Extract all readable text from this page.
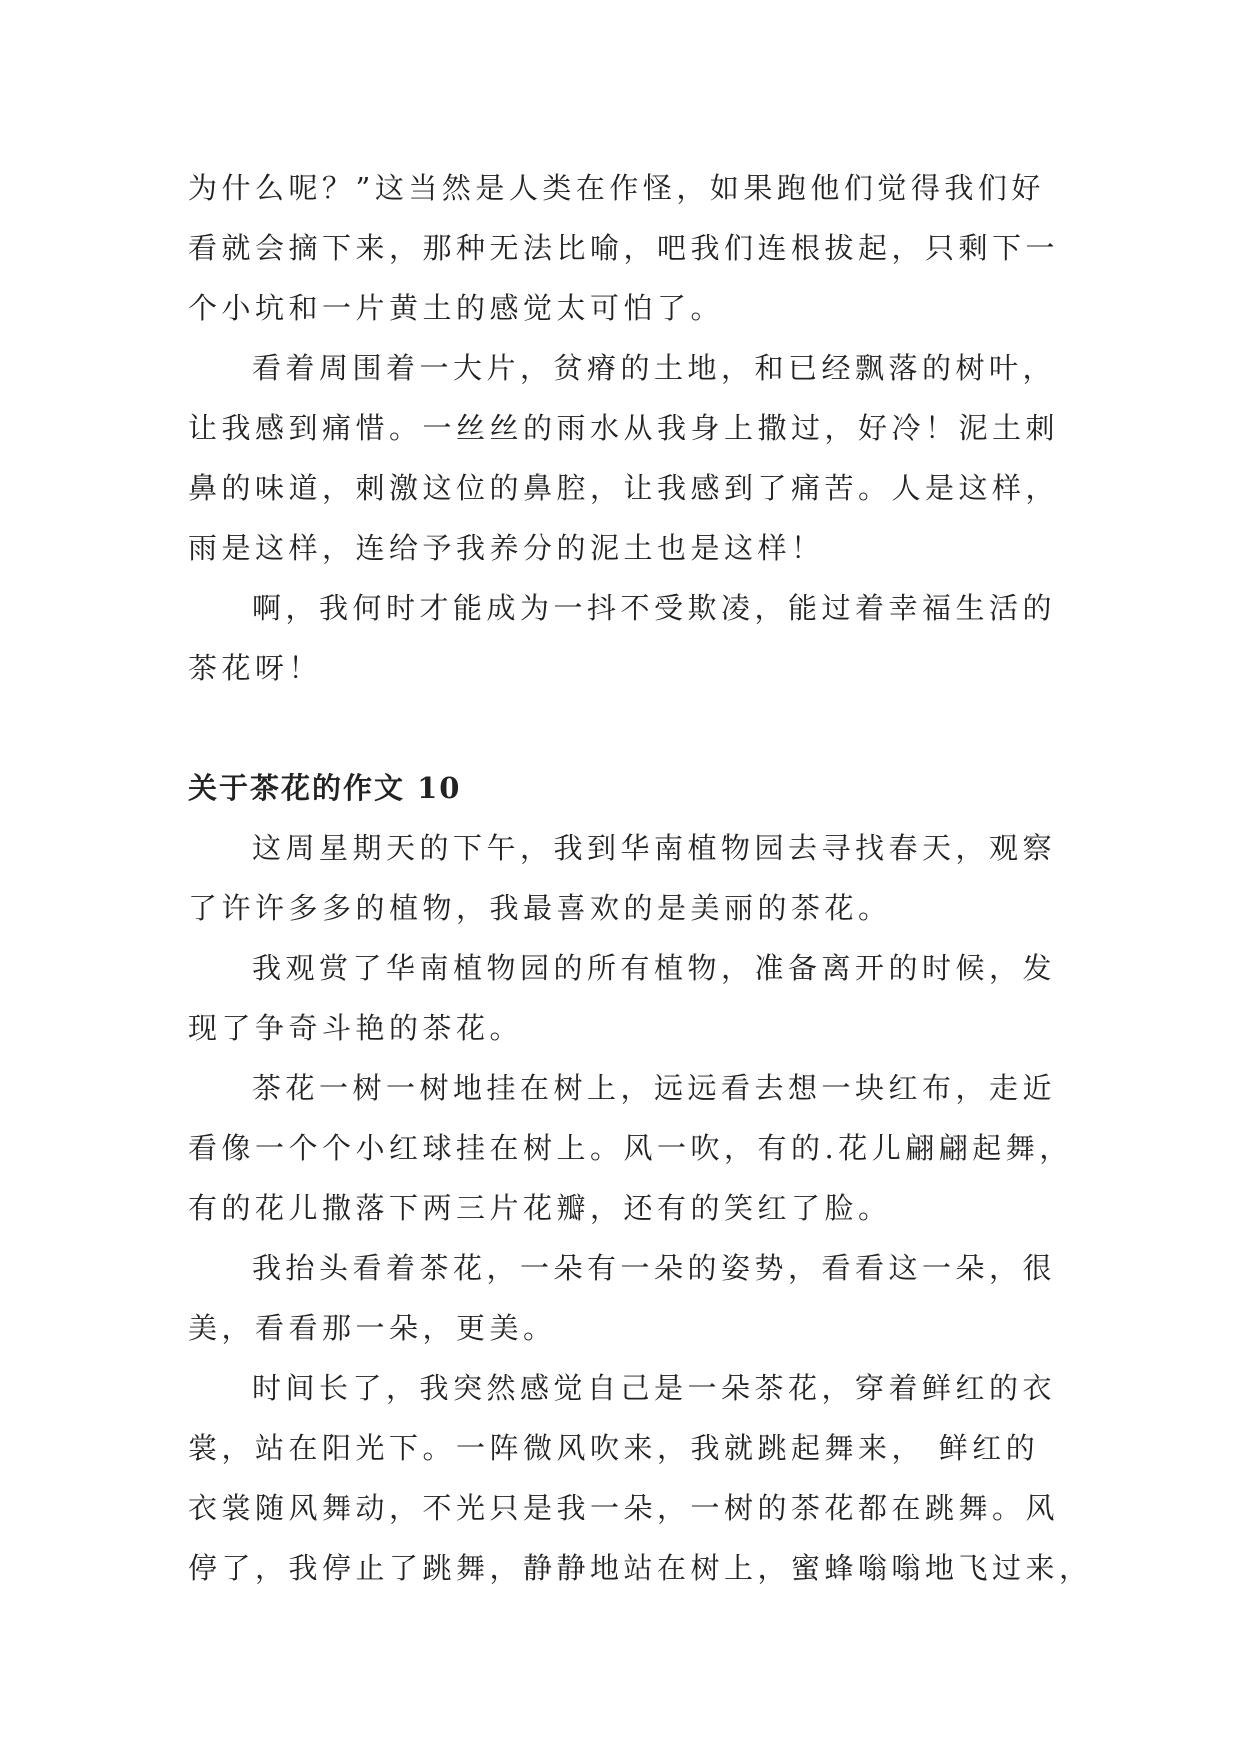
为什么呢？”这当然是人类在作怪，如果跑他们觉得我们好
看就会摘下来，那种无法比喻，吧我们连根拔起，只剩下一
个小坑和一片黄土的感觉太可怕了。

看着周围着一大片，贫瘠的土地，和已经飘落的树叶，
让我感到痛惜。一丝丝的雨水从我身上撒过，好冷！泥土刺
鼻的味道，刺激这位的鼻腔，让我感到了痛苦。人是这样，
雨是这样，连给予我养分的泥土也是这样！

啊，我何时才能成为一抖不受欺凌，能过着幸福生活的
茶花呀！

关于茶花的作文 10

这周星期天的下午，我到华南植物园去寻找春天，观察
了许许多多的植物，我最喜欢的是美丽的茶花。

我观赏了华南植物园的所有植物，准备离开的时候，发
现了争奇斗艳的茶花。

茶花一树一树地挂在树上，远远看去想一块红布，走近
看像一个个小红球挂在树上。风一吹，有的.花儿翩翩起舞，
有的花儿撒落下两三片花瓣，还有的笑红了脸。

我抬头看着茶花，一朵有一朵的姿势，看看这一朵，很
美，看看那一朵，更美。

时间长了，我突然感觉自己是一朵茶花，穿着鲜红的衣
裳，站在阳光下。一阵微风吹来，我就跳起舞来， 鲜红的
衣裳随风舞动，不光只是我一朵，一树的茶花都在跳舞。风
停了，我停止了跳舞，静静地站在树上，蜜蜂嗡嗡地飞过来，
